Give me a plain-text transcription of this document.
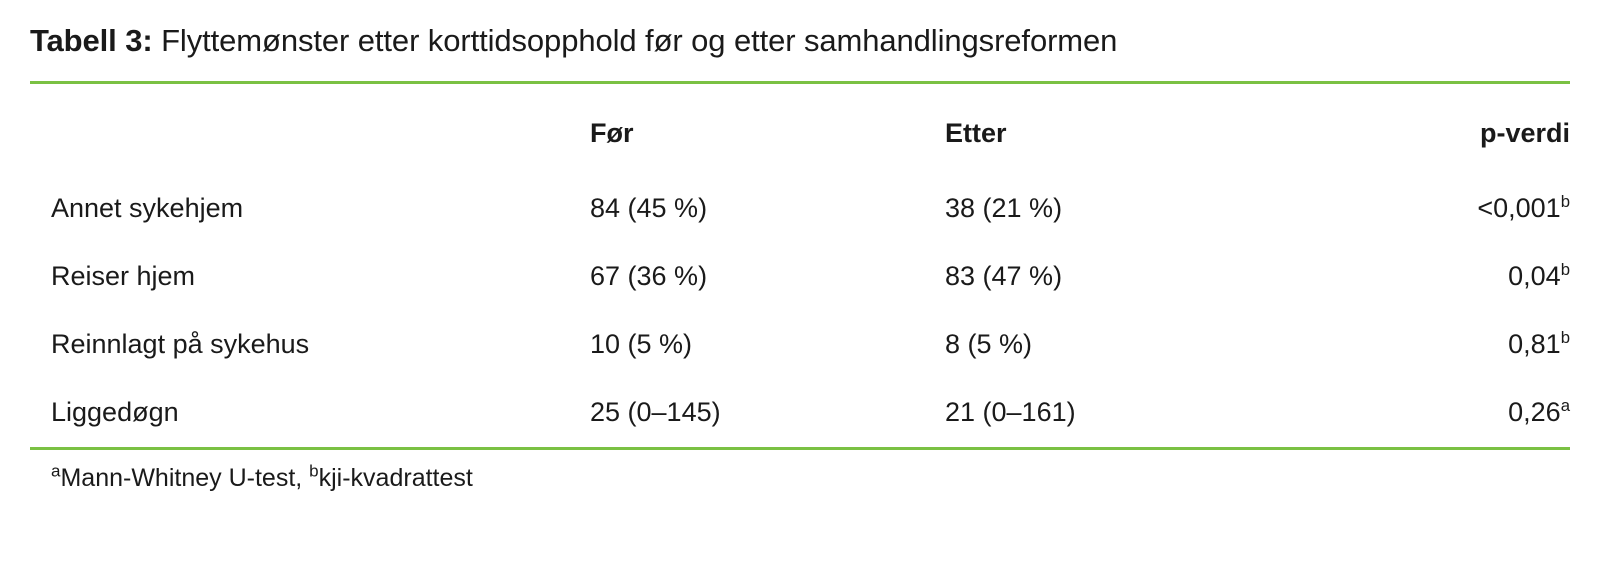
Tabell 3: Flyttemønster etter korttidsopphold før og etter samhandlingsreformen
	Før	Etter	p-verdi
Annet sykehjem	84 (45 %)	38 (21 %)	<0,001$^b$
Reiser hjem	67 (36 %)	83 (47 %)	0,04$^b$
Reinnlagt på sykehus	10 (5 %)	8 (5 %)	0,81$^b$
Liggedøgn	25 (0–145)	21 (0–161)	0,26$^a$
$^a$Mann-Whitney U-test, $^b$kji-kvadrattest
